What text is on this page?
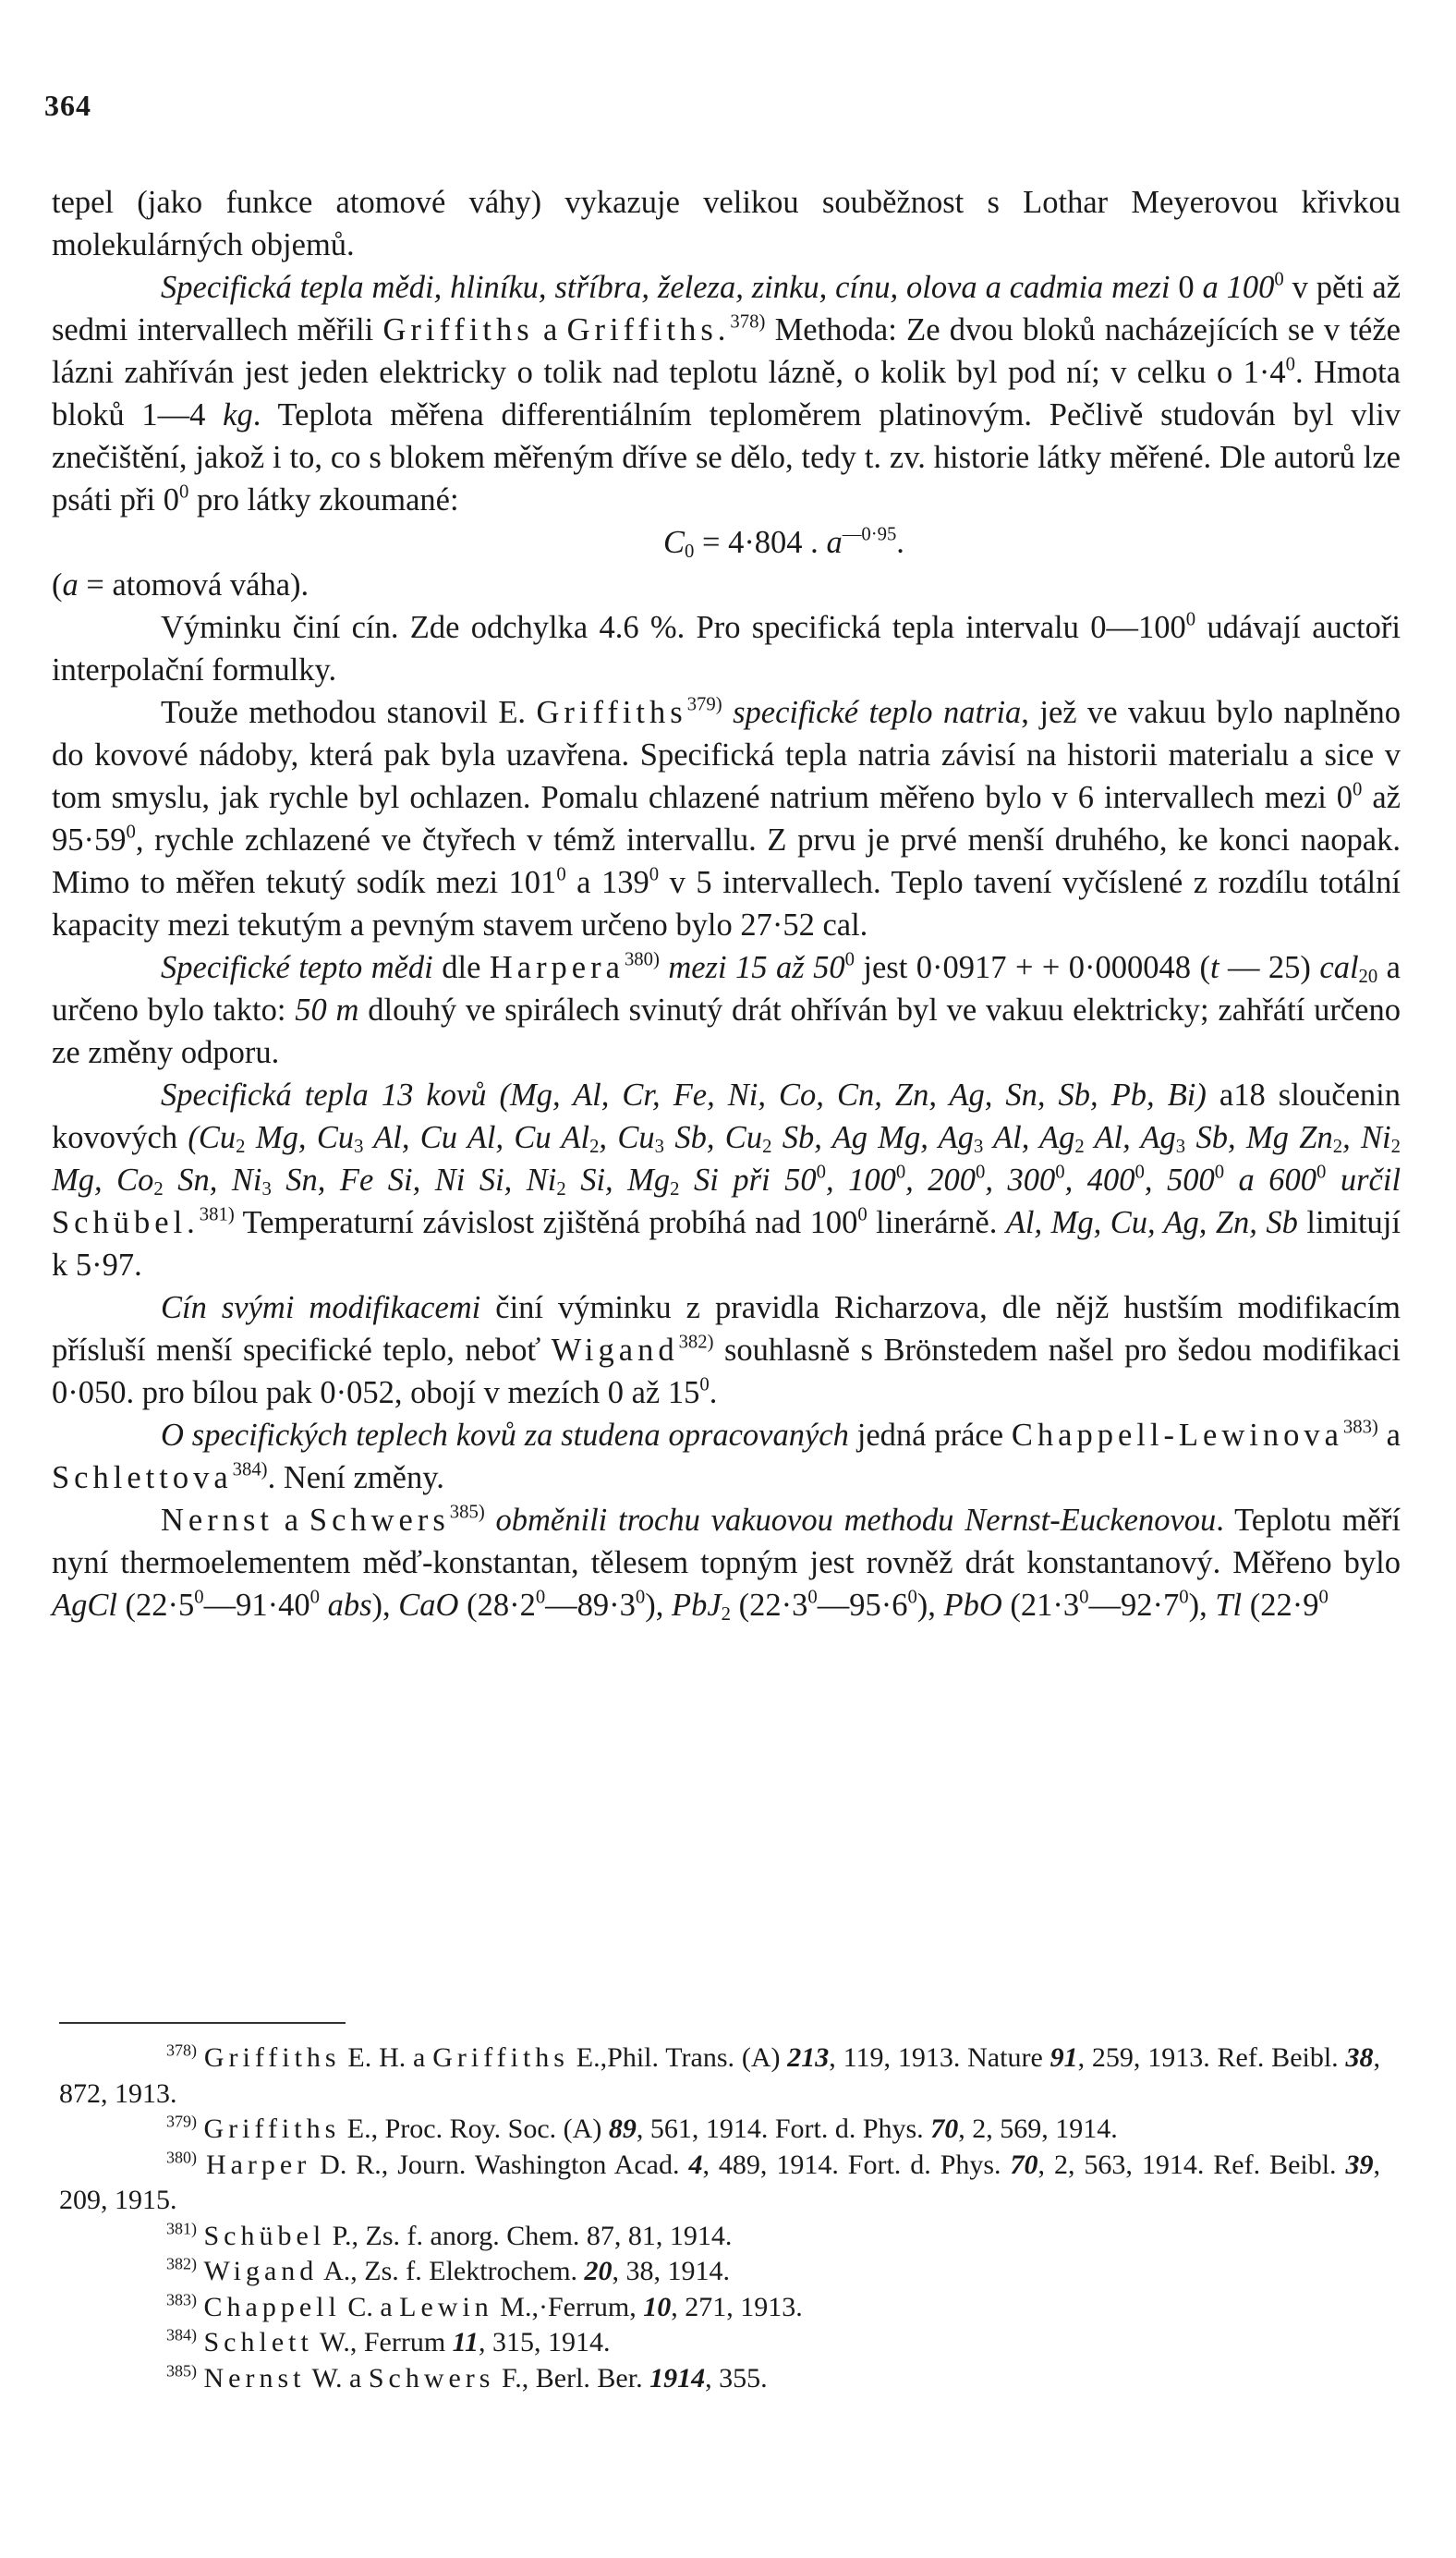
364

tepel (jako funkce atomové váhy) vykazuje velikou souběžnost s Lothar Meyerovou křivkou molekulárných objemů.

Specifická tepla mědi, hliníku, stříbra, železa, zinku, cínu, olova a cadmia mezi 0 a $100^0$ v pěti až sedmi intervallech měřili Griffiths a Griffiths.$^{378)}$ Methoda: Ze dvou bloků nacházejících se v téže lázni zahříván jest jeden elektricky o tolik nad teplotu lázně, o kolik byl pod ní; v celku o $1\cdot 4^0$. Hmota bloků 1—4 kg. Teplota měřena differentiálním teploměrem platinovým. Pečlivě studován byl vliv znečištění, jakož i to, co s blokem měřeným dříve se dělo, tedy t. zv. historie látky měřené. Dle autorů lze psáti při $0^0$ pro látky zkoumané:

$C_0 = 4\cdot 804$ . $a^{—0\cdot 95}$.

(a = atomová váha).

Výminku činí cín. Zde odchylka 4.6 %. Pro specifická tepla intervalu $0—100^0$ udávají auctoři interpolační formulky.

Touže methodou stanovil E. Griffiths$^{379)}$ specifické teplo natria, jež ve vakuu bylo naplněno do kovové nádoby, která pak byla uzavřena. Specifická tepla natria závisí na historii materialu a sice v tom smyslu, jak rychle byl ochlazen. Pomalu chlazené natrium měřeno bylo v 6 intervallech mezi $0^0$ až $95\cdot 59^0$, rychle zchlazené ve čtyřech v témž intervallu. Z prvu je prvé menší druhého, ke konci naopak. Mimo to měřen tekutý sodík mezi $101^0$ a $139^0$ v 5 intervallech. Teplo tavení vyčíslené z rozdílu totální kapacity mezi tekutým a pevným stavem určeno bylo 27·52 cal.

Specifické tepto mědi dle Harpera$^{380)}$ mezi 15 až $50^0$ jest 0·0917 + + 0·000048 (t — 25) cal$_{20}$ a určeno bylo takto: 50 m dlouhý ve spirálech svinutý drát ohříván byl ve vakuu elektricky; zahřátí určeno ze změny odporu.

Specifická tepla 13 kovů (Mg, Al, Cr, Fe, Ni, Co, Cn, Zn, Ag, Sn, Sb, Pb, Bi) a18 sloučenin kovových ($Cu_2$ Mg, $Cu_3$ Al, Cu Al, Cu $Al_2$, $Cu_3$ Sb, $Cu_2$ Sb, Ag Mg, $Ag_3$ Al, $Ag_2$ Al, $Ag_3$ Sb, Mg $Zn_2$, $Ni_2$ Mg, $Co_2$ Sn, $Ni_3$ Sn, Fe Si, Ni Si, $Ni_2$ Si, $Mg_2$ Si při $50^0$, $100^0$, $200^0$, $300^0$, $400^0$, $500^0$ a $600^0$ určil Schübel.$^{381)}$ Temperaturní závislost zjištěná probíhá nad $100^0$ linerárně. Al, Mg, Cu, Ag, Zn, Sb limitují k 5·97.

Cín svými modifikacemi činí výminku z pravidla Richarzova, dle nějž hustším modifikacím přísluší menší specifické teplo, neboť Wigand$^{382)}$ souhlasně s Brönstedem našel pro šedou modifikaci 0·050. pro bílou pak 0·052, obojí v mezích 0 až $15^0$.

O specifických teplech kovů za studena opracovaných jedná práce Chappell-Lewinova$^{383)}$ a Schlettova$^{384)}$. Není změny.

Nernst a Schwers$^{385)}$ obměnili trochu vakuovou methodu Nernst-Euckenovou. Teplotu měří nyní thermoelementem měď-konstantan, tělesem topným jest rovněž drát konstantanový. Měřeno bylo AgCl ($22\cdot 5^0—91\cdot 40^0$ abs), CaO $(28\cdot 2^0—89\cdot 3^0)$, PbJ$_2$ $(22\cdot 3^0—95\cdot 6^0)$, PbO $(21\cdot 3^0—92\cdot 7^0)$, Tl ($22\cdot 9^0$

$^{378)}$ Griffiths E. H. a Griffiths E.,Phil. Trans. (A) 213, 119, 1913. Nature 91, 259, 1913. Ref. Beibl. 38, 872, 1913.

$^{379)}$ Griffiths E., Proc. Roy. Soc. (A) 89, 561, 1914. Fort. d. Phys. 70, 2, 569, 1914.

$^{380)}$ Harper D. R., Journ. Washington Acad. 4, 489, 1914. Fort. d. Phys. 70, 2, 563, 1914. Ref. Beibl. 39, 209, 1915.

$^{381)}$ Schübel P., Zs. f. anorg. Chem. 87, 81, 1914.

$^{382)}$ Wigand A., Zs. f. Elektrochem. 20, 38, 1914.

$^{383)}$ Chappell C. a Lewin M.,·Ferrum, 10, 271, 1913.

$^{384)}$ Schlett W., Ferrum 11, 315, 1914.

$^{385)}$ Nernst W. a Schwers F., Berl. Ber. 1914, 355.
